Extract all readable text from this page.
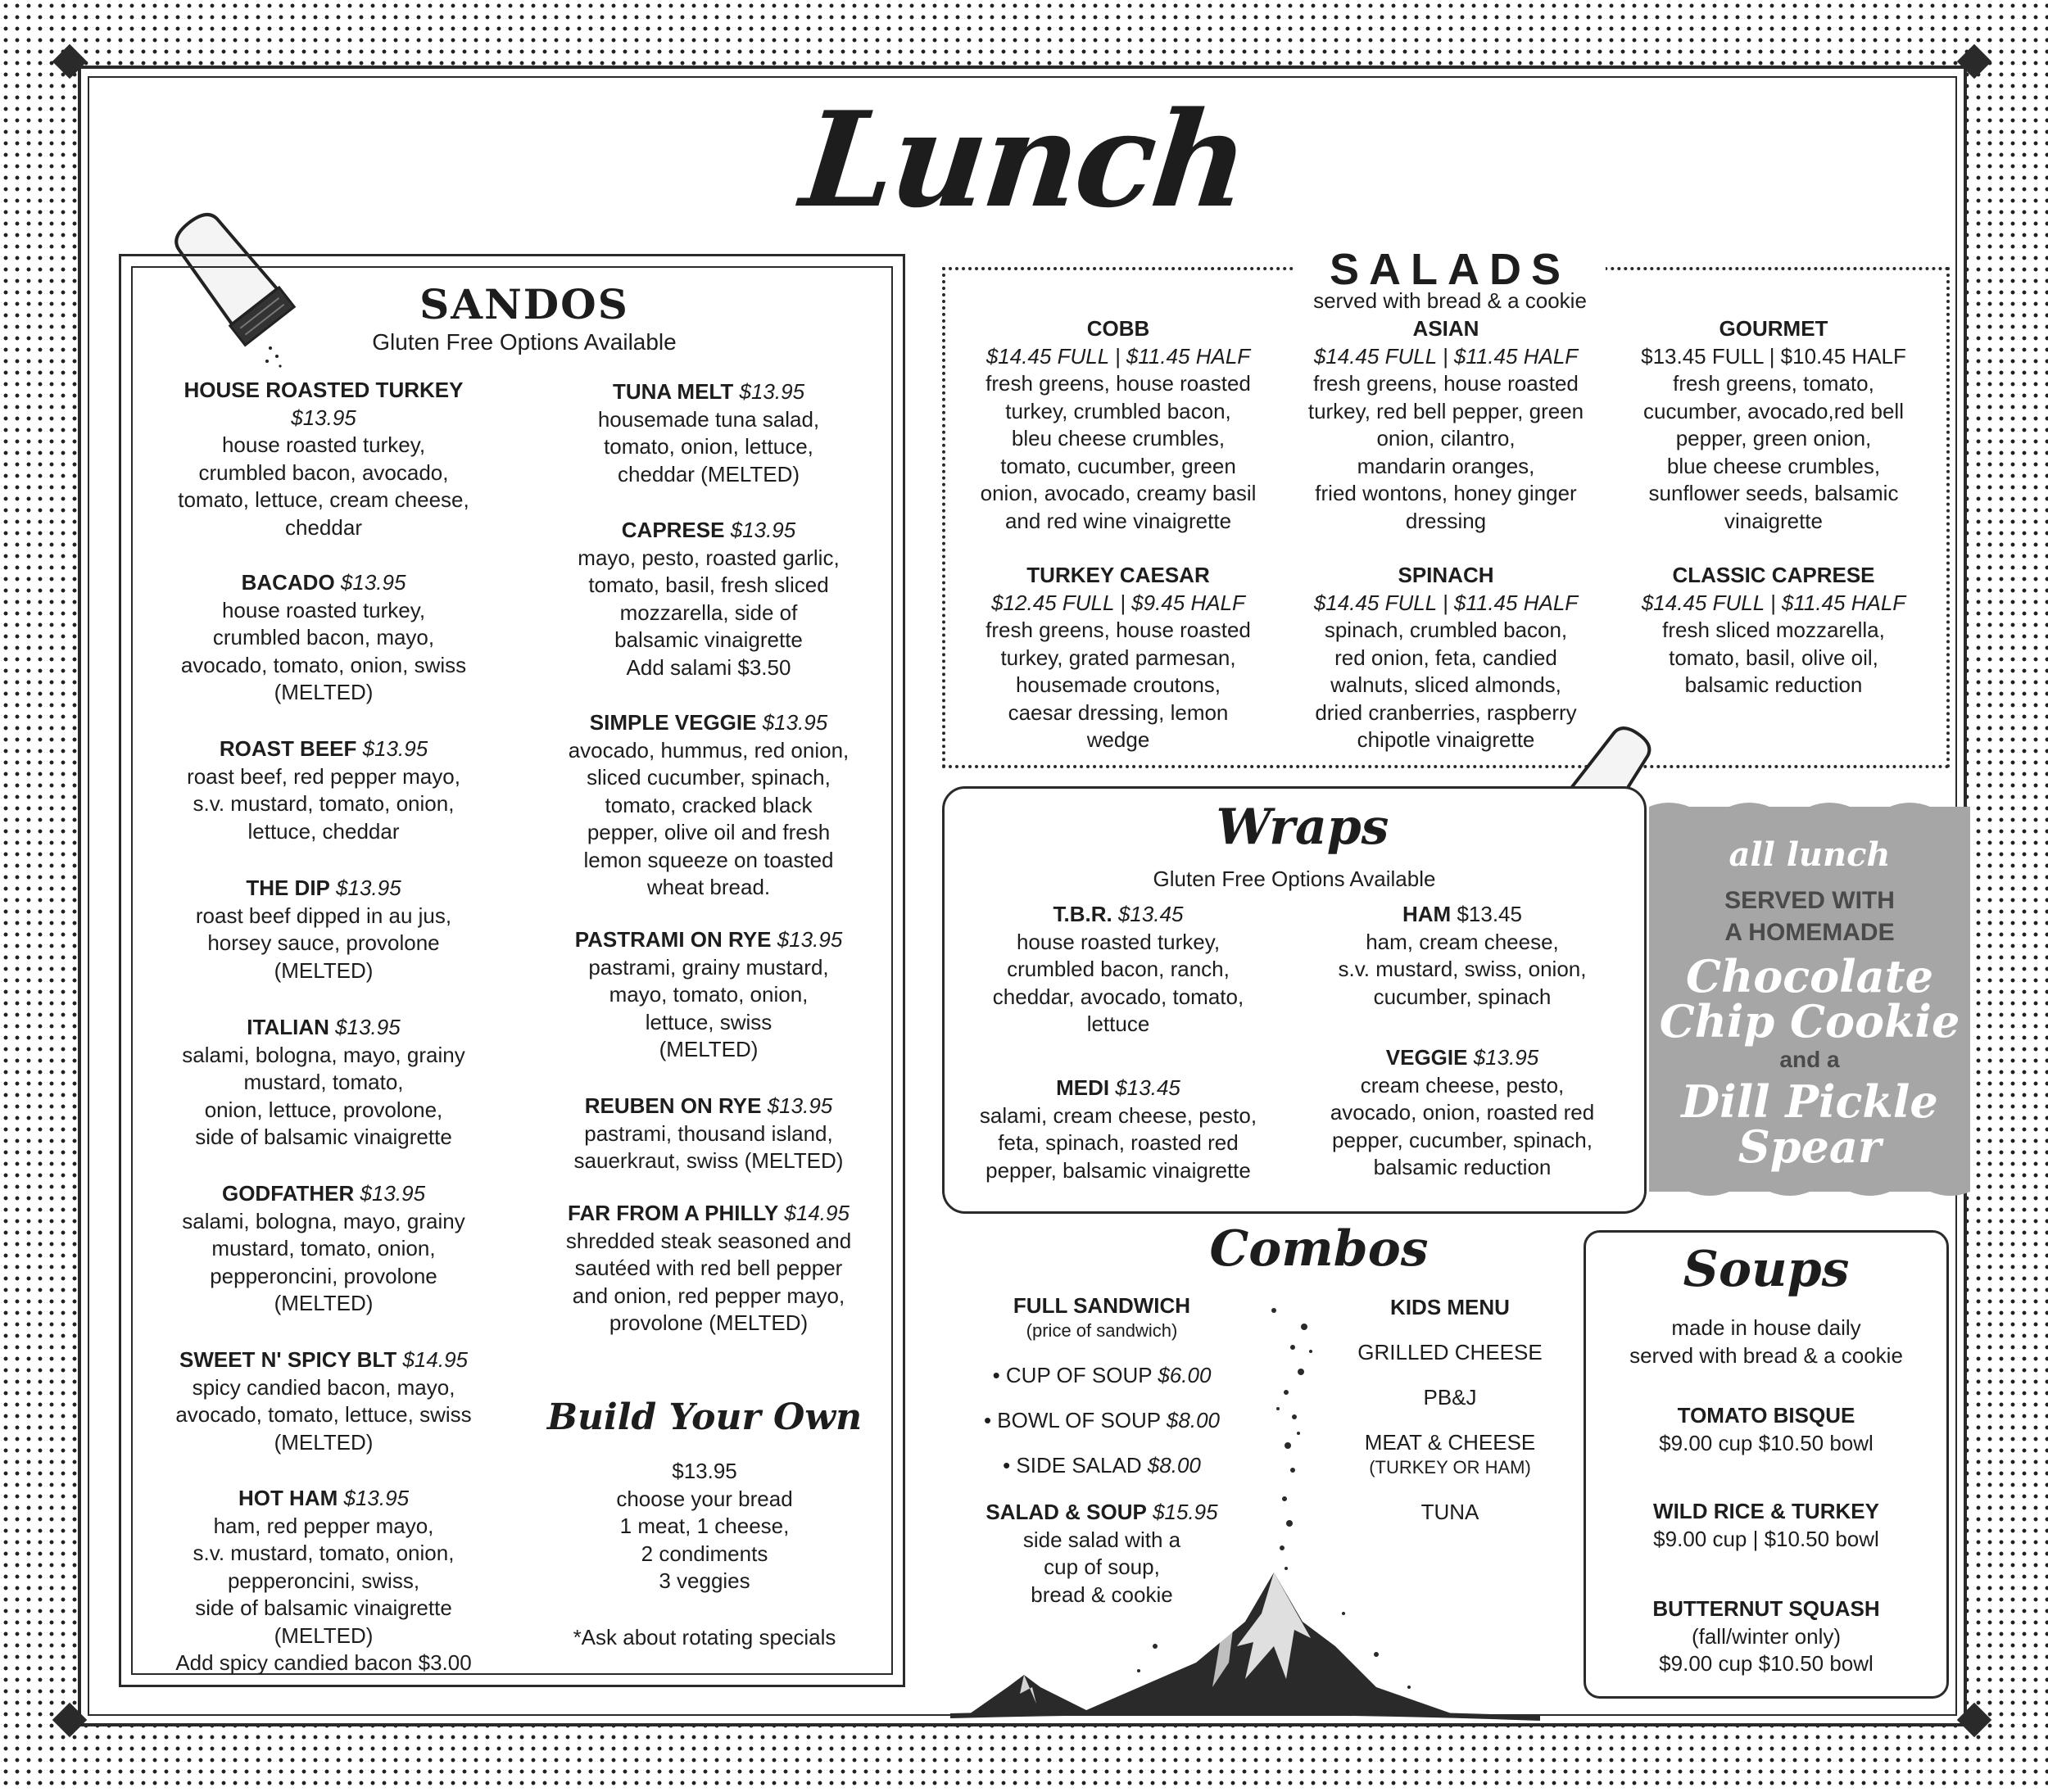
Lunch
SANDOS
Gluten Free Options Available
HOUSE ROASTED TURKEY
$13.95
house roasted turkey,
crumbled bacon, avocado,
tomato, lettuce, cream cheese,
cheddar
BACADO $13.95
house roasted turkey,
crumbled bacon, mayo,
avocado, tomato, onion, swiss
(MELTED)
ROAST BEEF $13.95
roast beef, red pepper mayo,
s.v. mustard, tomato, onion,
lettuce, cheddar
THE DIP $13.95
roast beef dipped in au jus,
horsey sauce, provolone
(MELTED)
ITALIAN $13.95
salami, bologna, mayo, grainy
mustard, tomato,
onion, lettuce, provolone,
side of balsamic vinaigrette
GODFATHER $13.95
salami, bologna, mayo, grainy
mustard, tomato, onion,
pepperoncini, provolone
(MELTED)
SWEET N' SPICY BLT $14.95
spicy candied bacon, mayo,
avocado, tomato, lettuce, swiss
(MELTED)
HOT HAM $13.95
ham, red pepper mayo,
s.v. mustard, tomato, onion,
pepperoncini, swiss,
side of balsamic vinaigrette
(MELTED)
Add spicy candied bacon $3.00
TUNA MELT $13.95
housemade tuna salad,
tomato, onion, lettuce,
cheddar (MELTED)
CAPRESE $13.95
mayo, pesto, roasted garlic,
tomato, basil, fresh sliced
mozzarella, side of
balsamic vinaigrette
Add salami $3.50
SIMPLE VEGGIE $13.95
avocado, hummus, red onion,
sliced cucumber, spinach,
tomato, cracked black
pepper, olive oil and fresh
lemon squeeze on toasted
wheat bread.
PASTRAMI ON RYE $13.95
pastrami, grainy mustard,
mayo, tomato, onion,
lettuce, swiss
(MELTED)
REUBEN ON RYE $13.95
pastrami, thousand island,
sauerkraut, swiss (MELTED)
FAR FROM A PHILLY $14.95
shredded steak seasoned and
sautéed with red bell pepper
and onion, red pepper mayo,
provolone (MELTED)
Build Your Own
$13.95
choose your bread
1 meat, 1 cheese,
2 condiments
3 veggies
*Ask about rotating specials
SALADS
served with bread & a cookie
COBB
$14.45 FULL | $11.45 HALF
fresh greens, house roasted
turkey, crumbled bacon,
bleu cheese crumbles,
tomato, cucumber, green
onion, avocado, creamy basil
and red wine vinaigrette
ASIAN
$14.45 FULL | $11.45 HALF
fresh greens, house roasted
turkey, red bell pepper, green
onion, cilantro,
mandarin oranges,
fried wontons, honey ginger
dressing
GOURMET
$13.45 FULL | $10.45 HALF
fresh greens, tomato,
cucumber, avocado,red bell
pepper, green onion,
blue cheese crumbles,
sunflower seeds, balsamic
vinaigrette
TURKEY CAESAR
$12.45 FULL | $9.45 HALF
fresh greens, house roasted
turkey, grated parmesan,
housemade croutons,
caesar dressing, lemon
wedge
SPINACH
$14.45 FULL | $11.45 HALF
spinach, crumbled bacon,
red onion, feta, candied
walnuts, sliced almonds,
dried cranberries, raspberry
chipotle vinaigrette
CLASSIC CAPRESE
$14.45 FULL | $11.45 HALF
fresh sliced mozzarella,
tomato, basil, olive oil,
balsamic reduction
Wraps
Gluten Free Options Available
T.B.R. $13.45
house roasted turkey,
crumbled bacon, ranch,
cheddar, avocado, tomato,
lettuce
MEDI $13.45
salami, cream cheese, pesto,
feta, spinach, roasted red
pepper, balsamic vinaigrette
HAM $13.45
ham, cream cheese,
s.v. mustard, swiss, onion,
cucumber, spinach
VEGGIE $13.95
cream cheese, pesto,
avocado, onion, roasted red
pepper, cucumber, spinach,
balsamic reduction
all lunch
SERVED WITH
A HOMEMADE
Chocolate
Chip Cookie
and a
Dill Pickle
Spear
Combos
FULL SANDWICH
(price of sandwich)
• CUP OF SOUP $6.00
• BOWL OF SOUP $8.00
• SIDE SALAD $8.00
SALAD & SOUP $15.95
side salad with a
cup of soup,
bread & cookie
KIDS MENU
GRILLED CHEESE
PB&J
MEAT & CHEESE
(TURKEY OR HAM)
TUNA
Soups
made in house daily
served with bread & a cookie
TOMATO BISQUE
$9.00 cup $10.50 bowl
WILD RICE & TURKEY
$9.00 cup | $10.50 bowl
BUTTERNUT SQUASH
(fall/winter only)
$9.00 cup $10.50 bowl
